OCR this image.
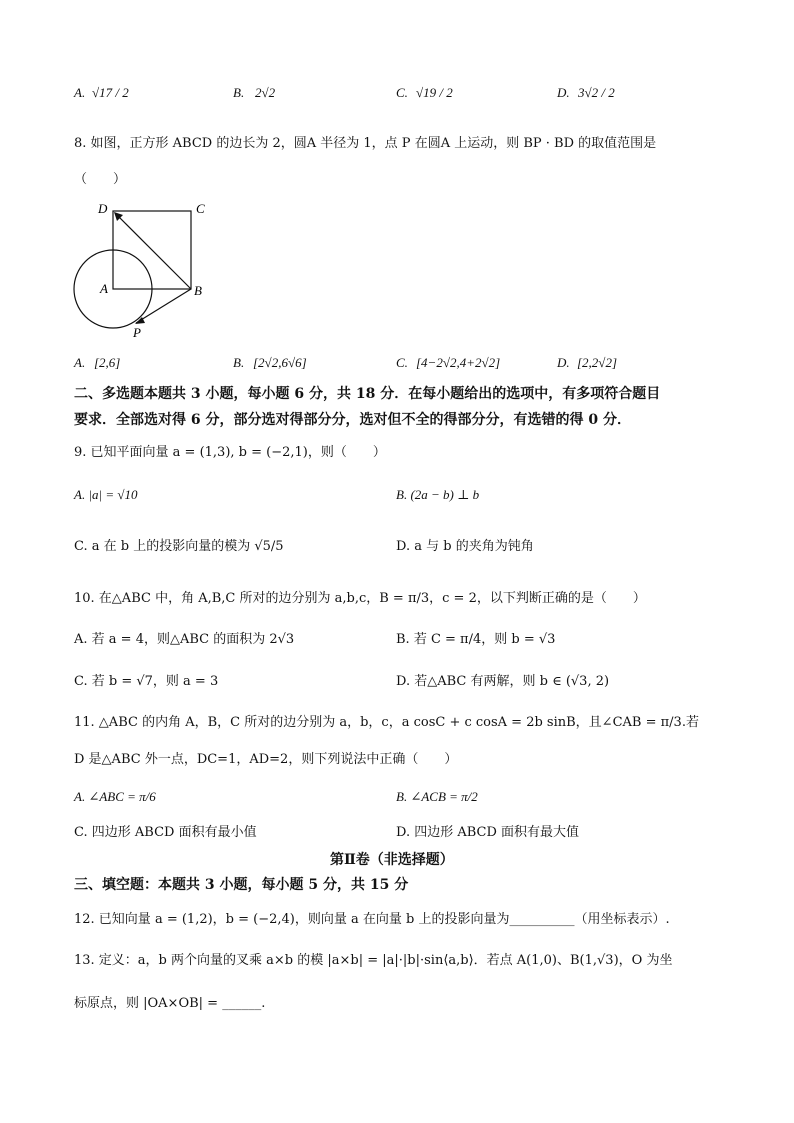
A. √17 / 2	B. 2√2	C. √19 / 2	D. 3√2 / 2
8. 如图，正方形 ABCD 的边长为 2，圆A 半径为 1，点 P 在圆A 上运动，则 BP · BD 的取值范围是
（　　）
D	C
A	B
P
A. [2,6]	B. [2√2,6√6]	C. [4−2√2,4+2√2]	D. [2,2√2]
二、多选题本题共 3 小题，每小题 6 分，共 18 分．在每小题给出的选项中，有多项符合题目
要求．全部选对得 6 分，部分选对得部分分，选对但不全的得部分分，有选错的得 0 分．
9. 已知平面向量 a = (1,3), b = (−2,1)，则（　　）
A. |a| = √10	B. (2a − b) ⊥ b
C. a 在 b 上的投影向量的模为 √5/5	D. a 与 b 的夹角为钝角
10. 在△ABC 中，角 A,B,C 所对的边分别为 a,b,c，B = π/3，c = 2，以下判断正确的是（　　）
A. 若 a = 4，则△ABC 的面积为 2√3	B. 若 C = π/4，则 b = √3
C. 若 b = √7，则 a = 3	D. 若△ABC 有两解，则 b ∈ (√3, 2)
11. △ABC 的内角 A，B，C 所对的边分别为 a，b，c，a cosC + c cosA = 2b sinB，且∠CAB = π/3.若
D 是△ABC 外一点，DC=1，AD=2，则下列说法中正确（　　）
A. ∠ABC = π/6	B. ∠ACB = π/2
C. 四边形 ABCD 面积有最小值	D. 四边形 ABCD 面积有最大值
第Ⅱ卷（非选择题）
三、填空题：本题共 3 小题，每小题 5 分，共 15 分
12. 已知向量 a = (1,2)，b = (−2,4)，则向量 a 在向量 b 上的投影向量为__________（用坐标表示）.
13. 定义：a，b 两个向量的叉乘 a×b 的模 |a×b| = |a|·|b|·sin⟨a,b⟩．若点 A(1,0)、B(1,√3)，O 为坐
标原点，则 |OA×OB| = ______.
